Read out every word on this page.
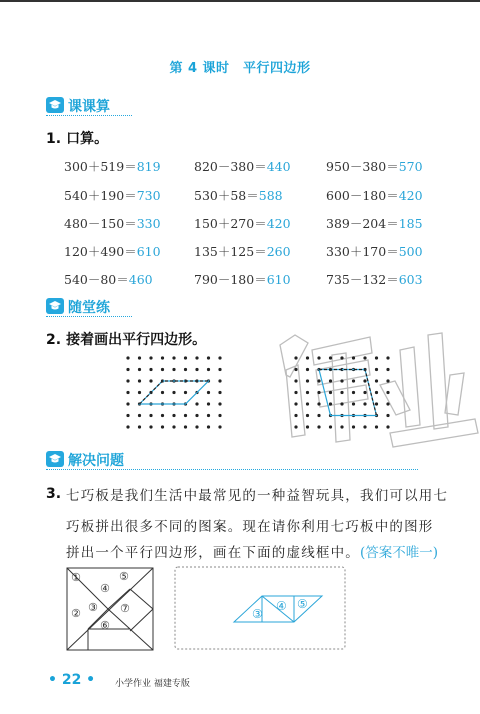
第 4 课时　平行四边形
课课算
1. 口算。
300＋519＝819	820－380＝440	950－380＝570
540＋190＝730	530＋58＝588	600－180＝420
480－150＝330	150＋270＝420	389－204＝185
120＋490＝610	135＋125＝260	330＋170＝500
540－80＝460	790－180＝610	735－132＝603
随堂练
2. 接着画出平行四边形。
解决问题
3. 七巧板是我们生活中最常见的一种益智玩具，我们可以用七
巧板拼出很多不同的图案。现在请你利用七巧板中的图形
拼出一个平行四边形，画在下面的虚线框中。(答案不唯一)
①
② ③
④
⑤
⑥
⑦	③
④ ⑤
• 22 • 小学作业 福建专版
